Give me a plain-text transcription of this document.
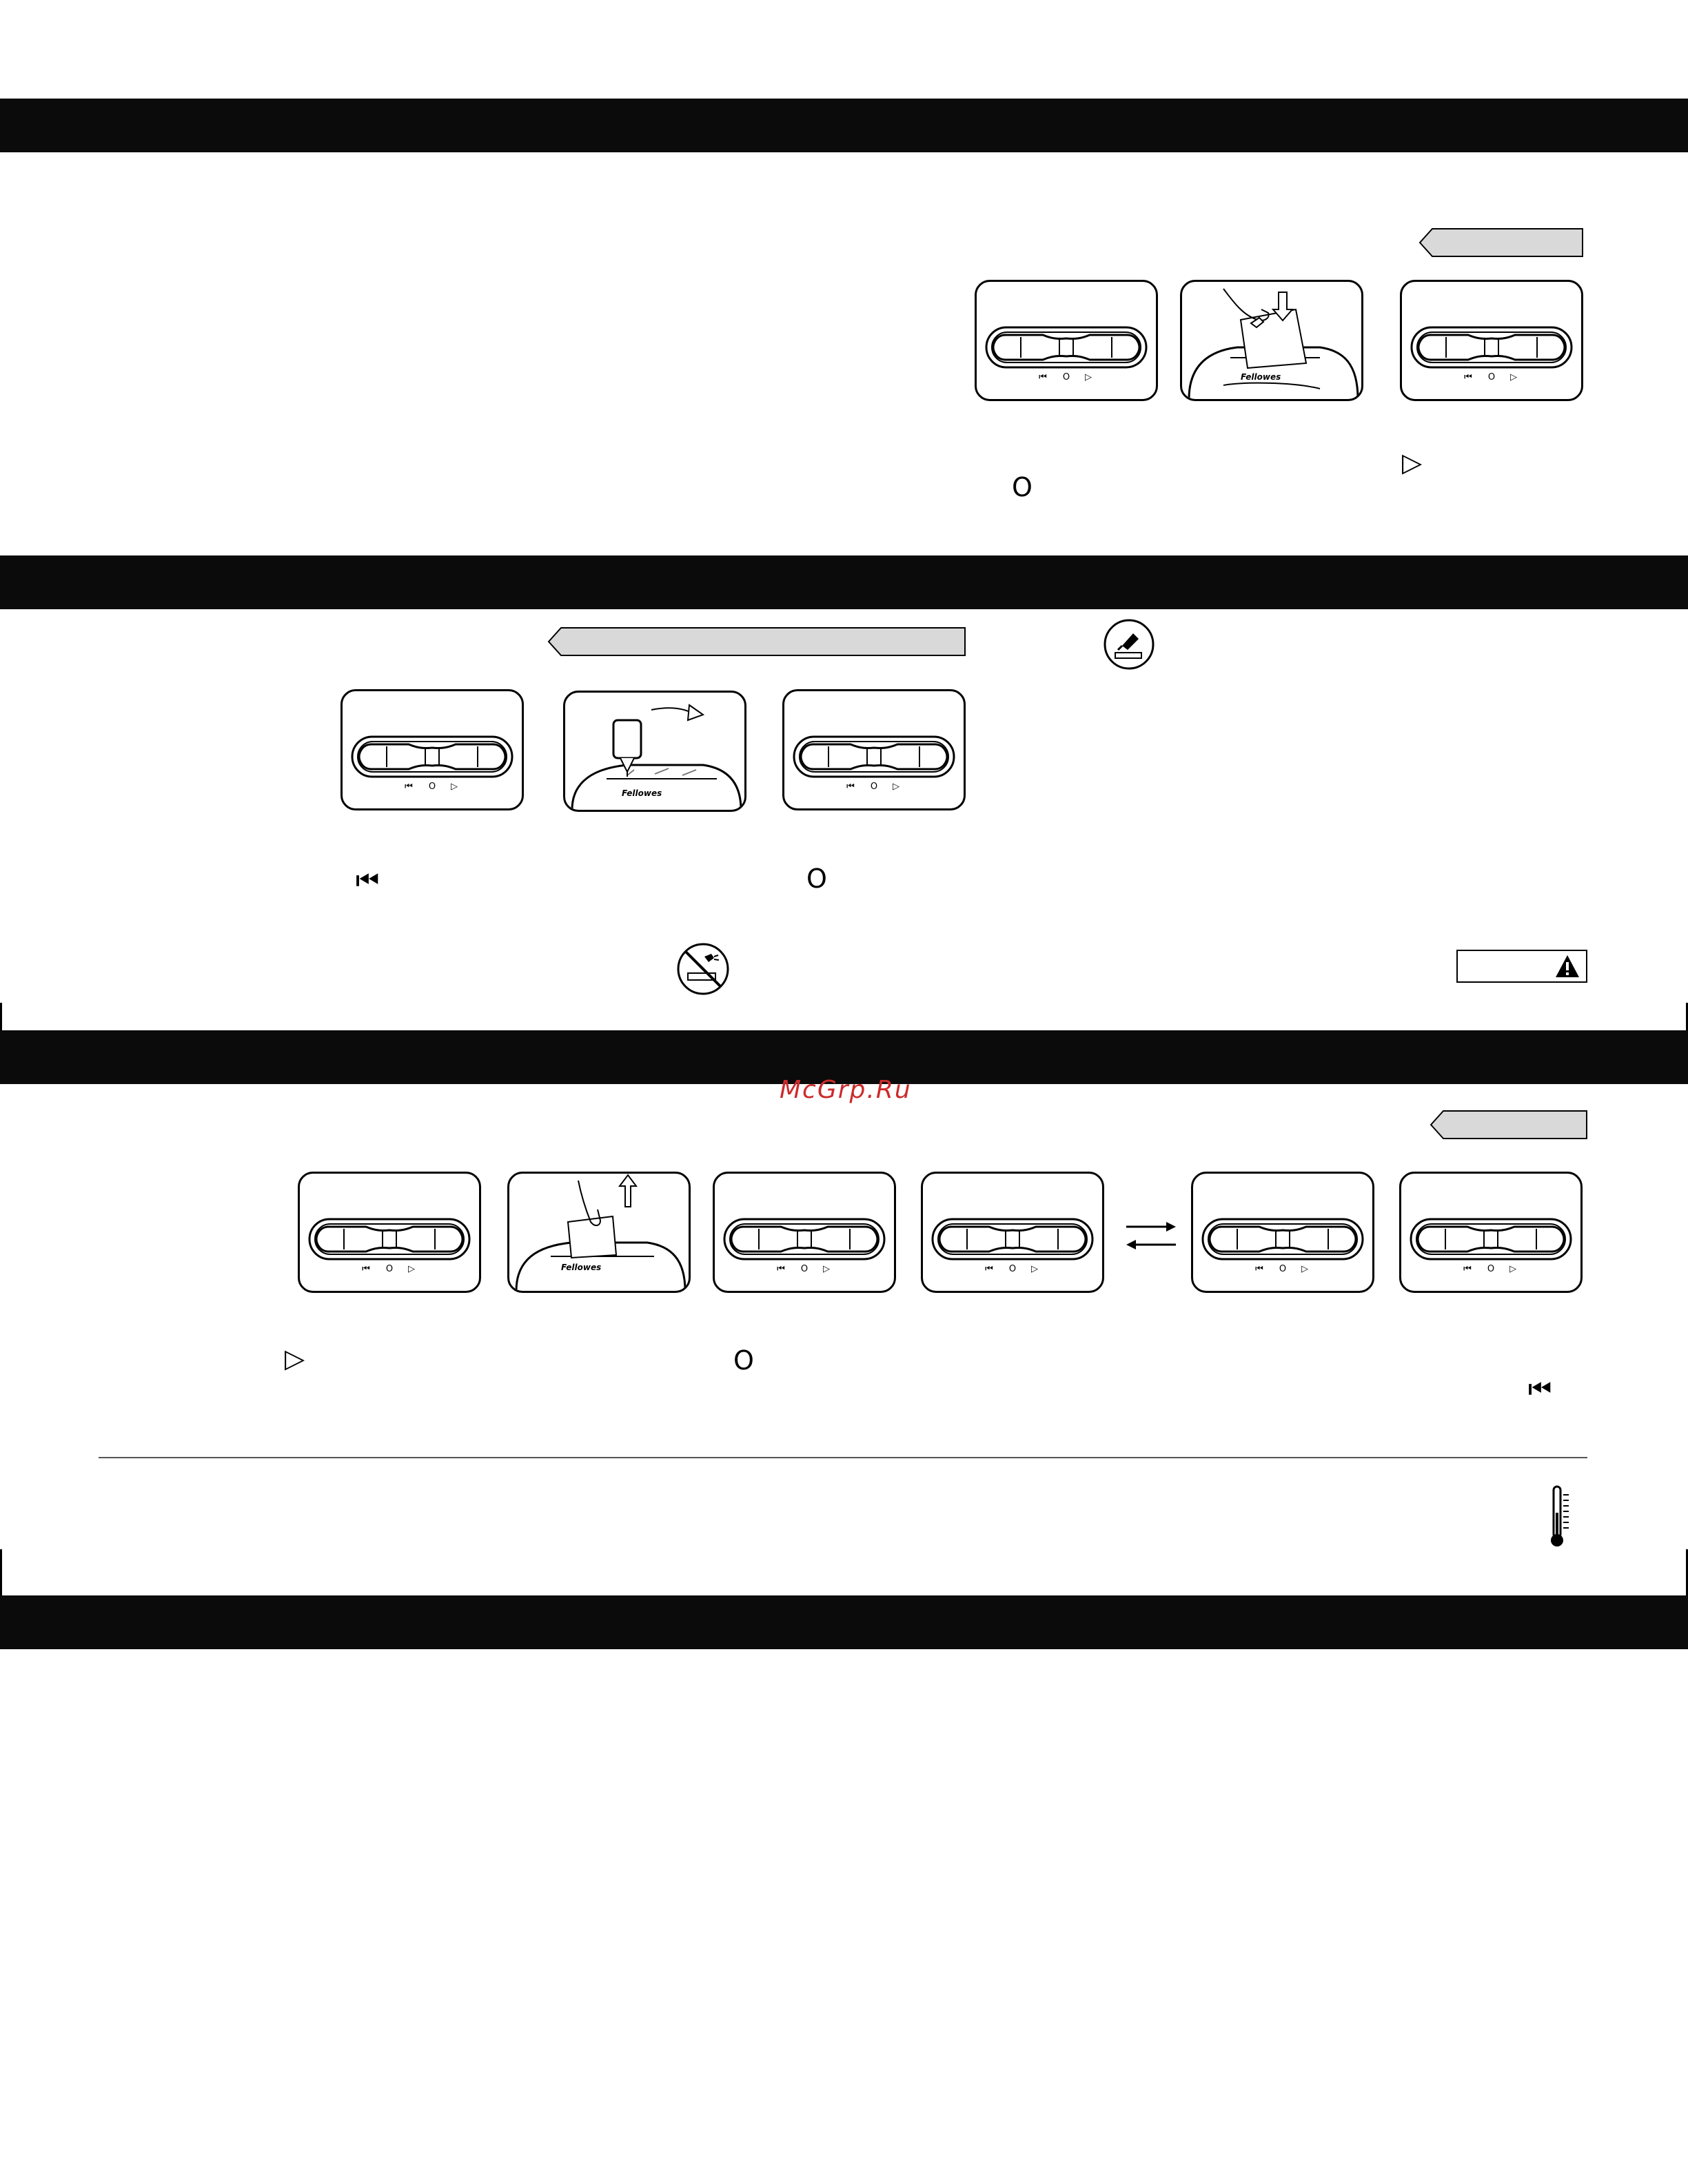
McGrp.Ru
⏮ O ▷	Fellowes	⏮ O ▷
▷
O
⏮ O ▷
Fellowes
⏮ O ▷
⏮	O
⏮ O ▷	Fellowes	⏮ O ▷	⏮ O ▷	⏮ O ▷	⏮ O ▷
▷	O
⏮
